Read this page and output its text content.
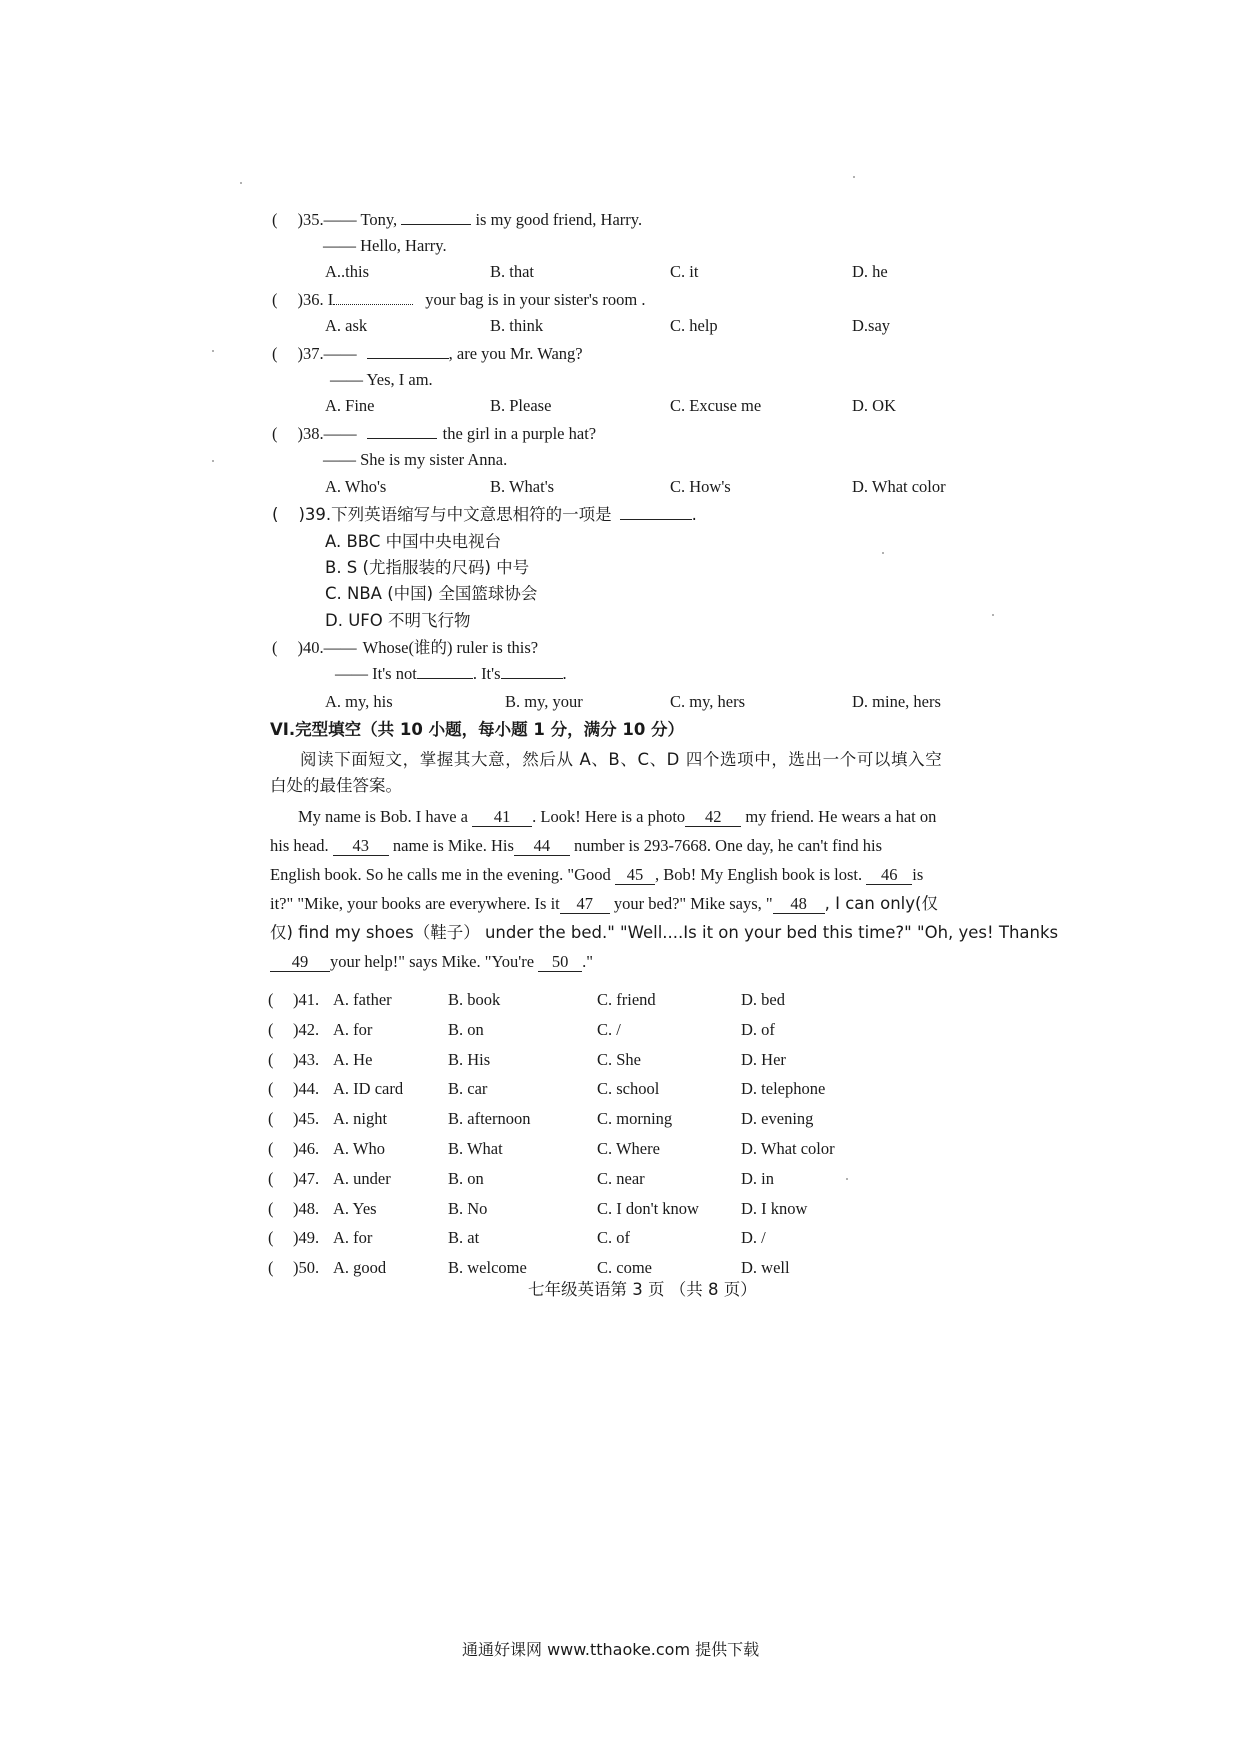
( )35.—— Tony,	is my good friend, Harry.
—— Hello, Harry.
A..this	B. that	C. it	D. he
( )36. I	your bag is in your sister's room .
A. ask	B. think	C. help	D.say
( )37.——	, are you Mr. Wang?
—— Yes, I am.
A. Fine	B. Please	C. Excuse me	D. OK
( )38.——	the girl in a purple hat?
—— She is my sister Anna.
A. Who's	B. What's	C. How's	D. What color
( )39.下列英语缩写与中文意思相符的一项是	.
A. BBC 中国中央电视台
B. S (尤指服装的尺码) 中号
C. NBA (中国) 全国篮球协会
D. UFO 不明飞行物
( )40.—— Whose(谁的) ruler is this?
—— It's not	. It's	.
A. my, his	B. my, your	C. my, hers	D. mine, hers
VI.完型填空（共 10 小题，每小题 1 分，满分 10 分）
阅读下面短文，掌握其大意，然后从 A、B、C、D 四个选项中，选出一个可以填入空
白处的最佳答案。
My name is Bob. I have a 41 . Look! Here is a photo 42 my friend. He wears a hat on
his head. 43 name is Mike. His 44 number is 293-7668. One day, he can't find his
English book. So he calls me in the evening. "Good 45 , Bob! My English book is lost. 46 is
it?" "Mike, your books are everywhere. Is it 47 your bed?" Mike says, " 48 , I can only(仅
仅) find my shoes（鞋子） under the bed." "Well....Is it on your bed this time?" "Oh, yes! Thanks
49 your help!" says Mike. "You're 50 ."
( )41. A. father	B. book	C. friend	D. bed
( )42. A. for	B. on	C. /	D. of
( )43. A. He	B. His	C. She	D. Her
( )44. A. ID card	B. car	C. school	D. telephone
( )45. A. night	B. afternoon	C. morning	D. evening
( )46. A. Who	B. What	C. Where	D. What color
( )47. A. under	B. on	C. near	D. in
( )48. A. Yes	B. No	C. I don't know	D. I know
( )49. A. for	B. at	C. of	D. /
( )50. A. good	B. welcome	C. come	D. well
七年级英语第 3 页 （共 8 页）
通通好课网 www.tthaoke.com 提供下载
